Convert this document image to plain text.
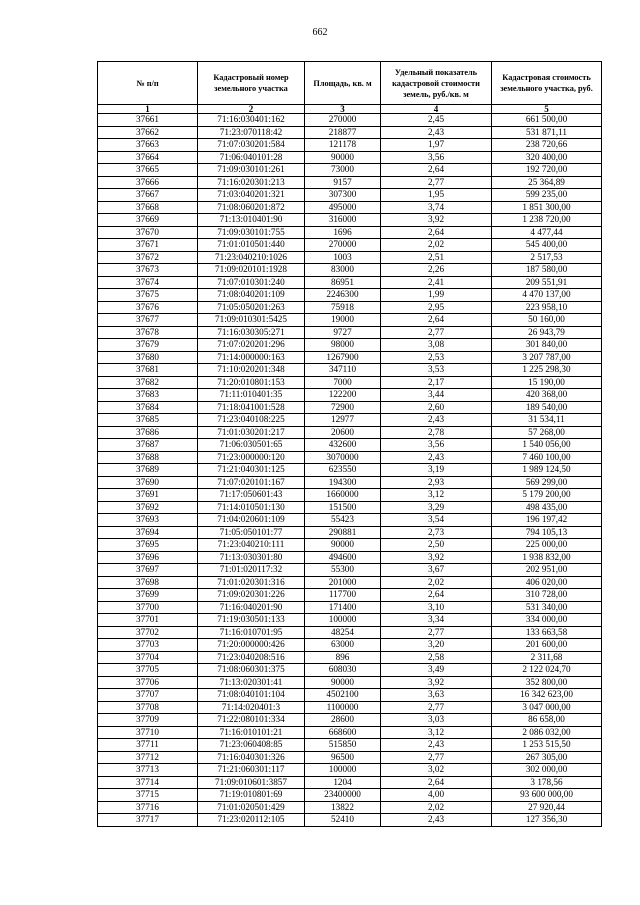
662
№ п/п	Кадастровый номер земельного участка	Площадь, кв. м	Удельный показатель кадастровой стоимости земель, руб./кв. м	Кадастровая стоимость земельного участка, руб.
1	2	3	4	5
37661	71:16:030401:162	270000	2,45	661 500,00
37662	71:23:070118:42	218877	2,43	531 871,11
37663	71:07:030201:584	121178	1,97	238 720,66
37664	71:06:040101:28	90000	3,56	320 400,00
37665	71:09:030101:261	73000	2,64	192 720,00
37666	71:16:020301:213	9157	2,77	25 364,89
37667	71:03:040201:321	307300	1,95	599 235,00
37668	71:08:060201:872	495000	3,74	1 851 300,00
37669	71:13:010401:90	316000	3,92	1 238 720,00
37670	71:09:030101:755	1696	2,64	4 477,44
37671	71:01:010501:440	270000	2,02	545 400,00
37672	71:23:040210:1026	1003	2,51	2 517,53
37673	71:09:020101:1928	83000	2,26	187 580,00
37674	71:07:010301:240	86951	2,41	209 551,91
37675	71:08:040201:109	2246300	1,99	4 470 137,00
37676	71:05:050201:263	75918	2,95	223 958,10
37677	71:09:010301:5425	19000	2,64	50 160,00
37678	71:16:030305:271	9727	2,77	26 943,79
37679	71:07:020201:296	98000	3,08	301 840,00
37680	71:14:000000:163	1267900	2,53	3 207 787,00
37681	71:10:020201:348	347110	3,53	1 225 298,30
37682	71:20:010801:153	7000	2,17	15 190,00
37683	71:11:010401:35	122200	3,44	420 368,00
37684	71:18:041001:528	72900	2,60	189 540,00
37685	71:23:040108:225	12977	2,43	31 534,11
37686	71:01:030201:217	20600	2,78	57 268,00
37687	71:06:030501:65	432600	3,56	1 540 056,00
37688	71:23:000000:120	3070000	2,43	7 460 100,00
37689	71:21:040301:125	623550	3,19	1 989 124,50
37690	71:07:020101:167	194300	2,93	569 299,00
37691	71:17:050601:43	1660000	3,12	5 179 200,00
37692	71:14:010501:130	151500	3,29	498 435,00
37693	71:04:020601:109	55423	3,54	196 197,42
37694	71:05:050101:77	290881	2,73	794 105,13
37695	71:23:040210:111	90000	2,50	225 000,00
37696	71:13:030301:80	494600	3,92	1 938 832,00
37697	71:01:020117:32	55300	3,67	202 951,00
37698	71:01:020301:316	201000	2,02	406 020,00
37699	71:09:020301:226	117700	2,64	310 728,00
37700	71:16:040201:90	171400	3,10	531 340,00
37701	71:19:030501:133	100000	3,34	334 000,00
37702	71:16:010701:95	48254	2,77	133 663,58
37703	71:20:000000:426	63000	3,20	201 600,00
37704	71:23:040208:516	896	2,58	2 311,68
37705	71:08:060301:375	608030	3,49	2 122 024,70
37706	71:13:020301:41	90000	3,92	352 800,00
37707	71:08:040101:104	4502100	3,63	16 342 623,00
37708	71:14:020401:3	1100000	2,77	3 047 000,00
37709	71:22:080101:334	28600	3,03	86 658,00
37710	71:16:010101:21	668600	3,12	2 086 032,00
37711	71:23:060408:85	515850	2,43	1 253 515,50
37712	71:16:040301:326	96500	2,77	267 305,00
37713	71:21:060301:117	100000	3,02	302 000,00
37714	71:09:010601:3857	1204	2,64	3 178,56
37715	71:19:010801:69	23400000	4,00	93 600 000,00
37716	71:01:020501:429	13822	2,02	27 920,44
37717	71:23:020112:105	52410	2,43	127 356,30
